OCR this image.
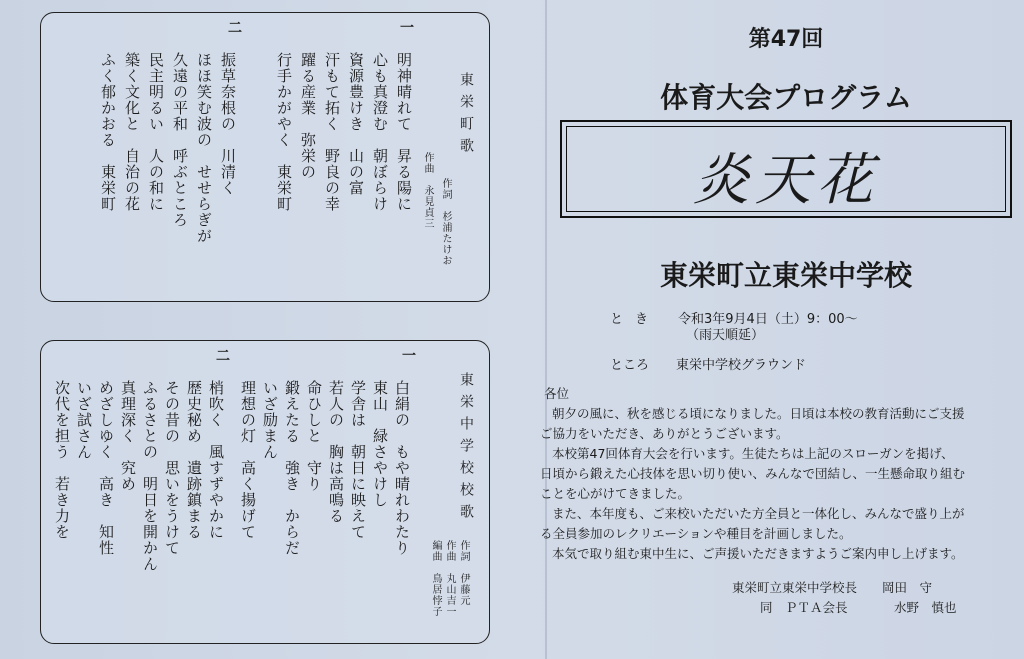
東栄町歌
作詞　杉浦たけお
作曲　永見貞三
一
明神晴れて　昇る陽に
心も真澄む　朝ぼらけ
資源豊けき　山の富
汗もて拓く　野良の幸
躍る産業　弥栄の
行手かがやく　東栄町
二
振草奈根の　川清く
ほほ笑む波の　せせらぎが
久遠の平和　呼ぶところ
民主明るい　人の和に
築く文化と　自治の花
ふく郁かおる　東栄町
東栄中学校校歌
作詞　伊藤元
作曲　丸山吉一
編曲　鳥居悖子
一
白絹の　もや晴れわたり
東山　緑さやけし
学舎は　朝日に映えて
若人の　胸は高鳴る
命ひしと　守り
鍛えたる　強き　からだ
いざ励まん
理想の灯　高く揚げて
二
梢吹く　風すずやかに
歴史秘め　遺跡鎮まる
その昔の　思いをうけて
ふるさとの　明日を開かん
真理深く　究め
めざしゆく　高き　知性
いざ試さん
次代を担う　若き力を
第47回
体育大会プログラム
炎天花
東栄町立東栄中学校
とき 令和3年9月4日（土）9：00〜
（雨天順延）
ところ 東栄中学校グラウンド

各位

朝夕の風に、秋を感じる頃になりました。日頃は本校の教育活動にご支援

ご協力をいただき、ありがとうございます。

本校第47回体育大会を行います。生徒たちは上記のスローガンを掲げ、

日頃から鍛えた心技体を思い切り使い、みんなで団結し、一生懸命取り組む

ことを心がけてきました。

また、本年度も、ご来校いただいた方全員と一体化し、みんなで盛り上が

る全員参加のレクリエーションや種目を計画しました。

本気で取り組む東中生に、ご声援いただきますようご案内申し上げます。

東栄町立東栄中学校長 岡田　守
同　ＰＴＡ会長	水野　慎也
